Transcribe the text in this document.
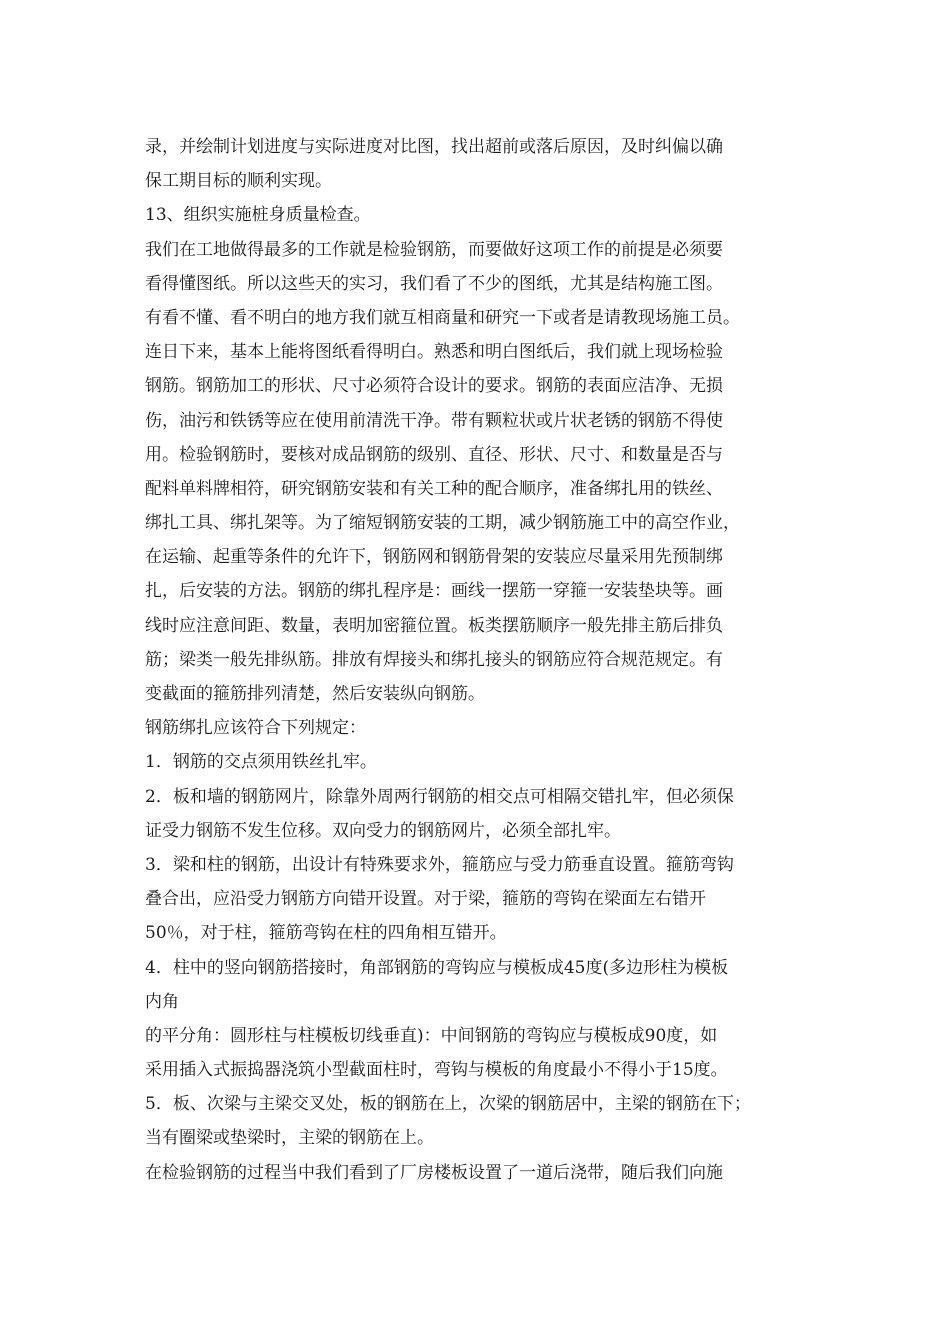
录，并绘制计划进度与实际进度对比图，找出超前或落后原因，及时纠偏以确
保工期目标的顺利实现。
13、组织实施桩身质量检查。
我们在工地做得最多的工作就是检验钢筋，而要做好这项工作的前提是必须要
看得懂图纸。所以这些天的实习，我们看了不少的图纸，尤其是结构施工图。
有看不懂、看不明白的地方我们就互相商量和研究一下或者是请教现场施工员。
连日下来，基本上能将图纸看得明白。熟悉和明白图纸后，我们就上现场检验
钢筋。钢筋加工的形状、尺寸必须符合设计的要求。钢筋的表面应洁净、无损
伤，油污和铁锈等应在使用前清洗干净。带有颗粒状或片状老锈的钢筋不得使
用。检验钢筋时，要核对成品钢筋的级别、直径、形状、尺寸、和数量是否与
配料单料牌相符，研究钢筋安装和有关工种的配合顺序，准备绑扎用的铁丝、
绑扎工具、绑扎架等。为了缩短钢筋安装的工期，减少钢筋施工中的高空作业，
在运输、起重等条件的允许下，钢筋网和钢筋骨架的安装应尽量采用先预制绑
扎，后安装的方法。钢筋的绑扎程序是：画线一摆筋一穿箍一安装垫块等。画
线时应注意间距、数量，表明加密箍位置。板类摆筋顺序一般先排主筋后排负
筋；梁类一般先排纵筋。排放有焊接头和绑扎接头的钢筋应符合规范规定。有
变截面的箍筋排列清楚，然后安装纵向钢筋。
钢筋绑扎应该符合下列规定：
1．钢筋的交点须用铁丝扎牢。
2．板和墙的钢筋网片，除靠外周两行钢筋的相交点可相隔交错扎牢，但必须保
证受力钢筋不发生位移。双向受力的钢筋网片，必须全部扎牢。
3．梁和柱的钢筋，出设计有特殊要求外，箍筋应与受力筋垂直设置。箍筋弯钩
叠合出，应沿受力钢筋方向错开设置。对于梁，箍筋的弯钩在梁面左右错开
50％，对于柱，箍筋弯钩在柱的四角相互错开。
4．柱中的竖向钢筋搭接时，角部钢筋的弯钩应与模板成45度(多边形柱为模板
内角
的平分角：圆形柱与柱模板切线垂直)：中间钢筋的弯钩应与模板成90度，如
采用插入式振捣器浇筑小型截面柱时，弯钩与模板的角度最小不得小于15度。
5．板、次梁与主梁交叉处，板的钢筋在上，次梁的钢筋居中，主梁的钢筋在下；
当有圈梁或垫梁时，主梁的钢筋在上。
在检验钢筋的过程当中我们看到了厂房楼板设置了一道后浇带，随后我们向施
